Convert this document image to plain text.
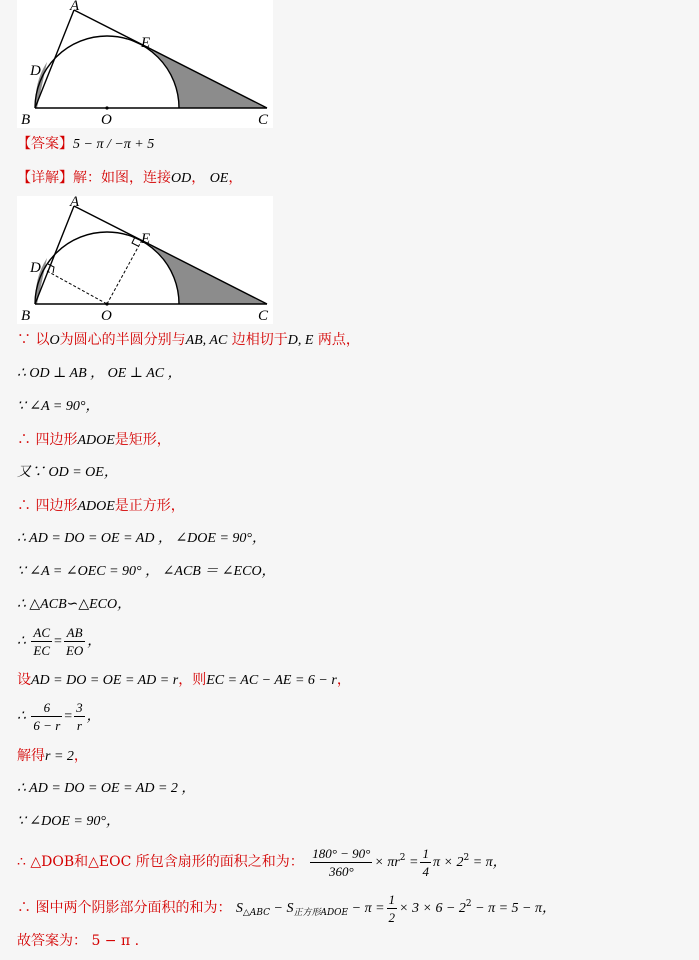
A
B	C
D
E
O
【答案】5 − π / −π + 5
【详解】解：如图，连接OD， OE，
A
B	C
D
E
O
∵ 以O为圆心的半圆分别与AB, AC 边相切于D, E 两点，
∴ OD ⊥ AB ， OE ⊥ AC ，
∵ ∠A = 90°，
∴ 四边形ADOE是矩形，
又∵ OD = OE，
∴ 四边形ADOE是正方形，
∴ AD = DO = OE = AD ， ∠DOE = 90°，
∵ ∠A = ∠OEC = 90° ， ∠ACB ＝ ∠ECO，
∴ △ACB∽△ECO，
∴ $\frac{AC}{EC} = \frac{AB}{EO}$ ，
设AD = DO = OE = AD = r，则EC = AC − AE = 6 − r，
∴ $\frac{6}{6 - r} = \frac{3}{r}$ ，
解得r = 2，
∴ AD = DO = OE = AD = 2 ，
∵ ∠DOE = 90°，
∴ △DOB和△EOC 所包含扇形的面积之和为： $\frac{180^\circ - 90^\circ}{360^\circ} \times \pi r^2 = \frac{1}{4}$ $\pi \times 2^2 = \pi$，
∴ 图中两个阴影部分面积的和为： $S_{\triangle ABC} - S_{正方形ADOE} - \pi = \frac{1}{2} \times 3 \times 6 - 2^2 - \pi = 5 - \pi$，
故答案为： 5 − π .
